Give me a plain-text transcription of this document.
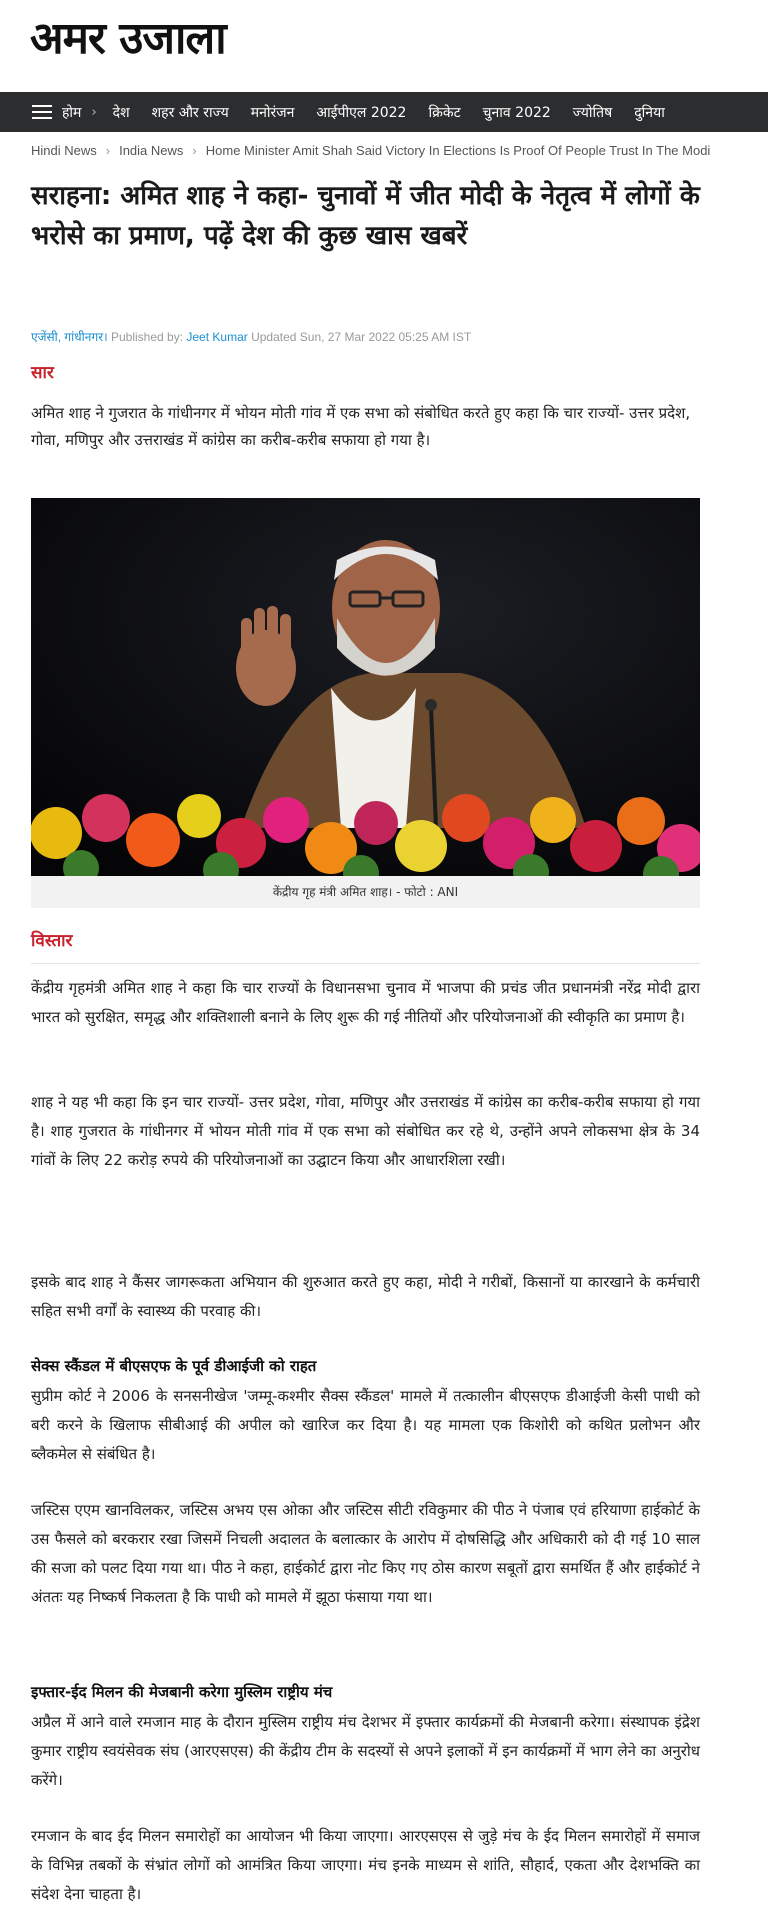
अमर उजाला
होम › देश शहर और राज्य मनोरंजन आईपीएल 2022 क्रिकेट चुनाव 2022 ज्योतिष दुनिया
Hindi News › India News › Home Minister Amit Shah Said Victory In Elections Is Proof Of People Trust In The Modi
सराहना: अमित शाह ने कहा- चुनावों में जीत मोदी के नेतृत्व में लोगों के भरोसे का प्रमाण, पढ़ें देश की कुछ खास खबरें
एजेंसी, गांधीनगर। Published by: Jeet Kumar Updated Sun, 27 Mar 2022 05:25 AM IST
सार

अमित शाह ने गुजरात के गांधीनगर में भोयन मोती गांव में एक सभा को संबोधित करते हुए कहा कि चार राज्यों- उत्तर प्रदेश, गोवा, मणिपुर और उत्तराखंड में कांग्रेस का करीब-करीब सफाया हो गया है।

केंद्रीय गृह मंत्री अमित शाह। - फोटो : ANI
विस्तार

केंद्रीय गृहमंत्री अमित शाह ने कहा कि चार राज्यों के विधानसभा चुनाव में भाजपा की प्रचंड जीत प्रधानमंत्री नरेंद्र मोदी द्वारा भारत को सुरक्षित, समृद्ध और शक्तिशाली बनाने के लिए शुरू की गई नीतियों और परियोजनाओं की स्वीकृति का प्रमाण है।

शाह ने यह भी कहा कि इन चार राज्यों- उत्तर प्रदेश, गोवा, मणिपुर और उत्तराखंड में कांग्रेस का करीब-करीब सफाया हो गया है। शाह गुजरात के गांधीनगर में भोयन मोती गांव में एक सभा को संबोधित कर रहे थे, उन्होंने अपने लोकसभा क्षेत्र के 34 गांवों के लिए 22 करोड़ रुपये की परियोजनाओं का उद्घाटन किया और आधारशिला रखी।

इसके बाद शाह ने कैंसर जागरूकता अभियान की शुरुआत करते हुए कहा, मोदी ने गरीबों, किसानों या कारखाने के कर्मचारी सहित सभी वर्गों के स्वास्थ्य की परवाह की।

सेक्स स्कैंडल में बीएसएफ के पूर्व डीआईजी को राहत

सुप्रीम कोर्ट ने 2006 के सनसनीखेज 'जम्मू-कश्मीर सैक्स स्कैंडल' मामले में तत्कालीन बीएसएफ डीआईजी केसी पाधी को बरी करने के खिलाफ सीबीआई की अपील को खारिज कर दिया है। यह मामला एक किशोरी को कथित प्रलोभन और ब्लैकमेल से संबंधित है।

जस्टिस एएम खानविलकर, जस्टिस अभय एस ओका और जस्टिस सीटी रविकुमार की पीठ ने पंजाब एवं हरियाणा हाईकोर्ट के उस फैसले को बरकरार रखा जिसमें निचली अदालत के बलात्कार के आरोप में दोषसिद्धि और अधिकारी को दी गई 10 साल की सजा को पलट दिया गया था। पीठ ने कहा, हाईकोर्ट द्वारा नोट किए गए ठोस कारण सबूतों द्वारा समर्थित हैं और हाईकोर्ट ने अंततः यह निष्कर्ष निकलता है कि पाधी को मामले में झूठा फंसाया गया था।

इफ्तार-ईद मिलन की मेजबानी करेगा मुस्लिम राष्ट्रीय मंच

अप्रैल में आने वाले रमजान माह के दौरान मुस्लिम राष्ट्रीय मंच देशभर में इफ्तार कार्यक्रमों की मेजबानी करेगा। संस्थापक इंद्रेश कुमार राष्ट्रीय स्वयंसेवक संघ (आरएसएस) की केंद्रीय टीम के सदस्यों से अपने इलाकों में इन कार्यक्रमों में भाग लेने का अनुरोध करेंगे।

रमजान के बाद ईद मिलन समारोहों का आयोजन भी किया जाएगा। आरएसएस से जुड़े मंच के ईद मिलन समारोहों में समाज के विभिन्न तबकों के संभ्रांत लोगों को आमंत्रित किया जाएगा। मंच इनके माध्यम से शांति, सौहार्द, एकता और देशभक्ति का संदेश देना चाहता है।
